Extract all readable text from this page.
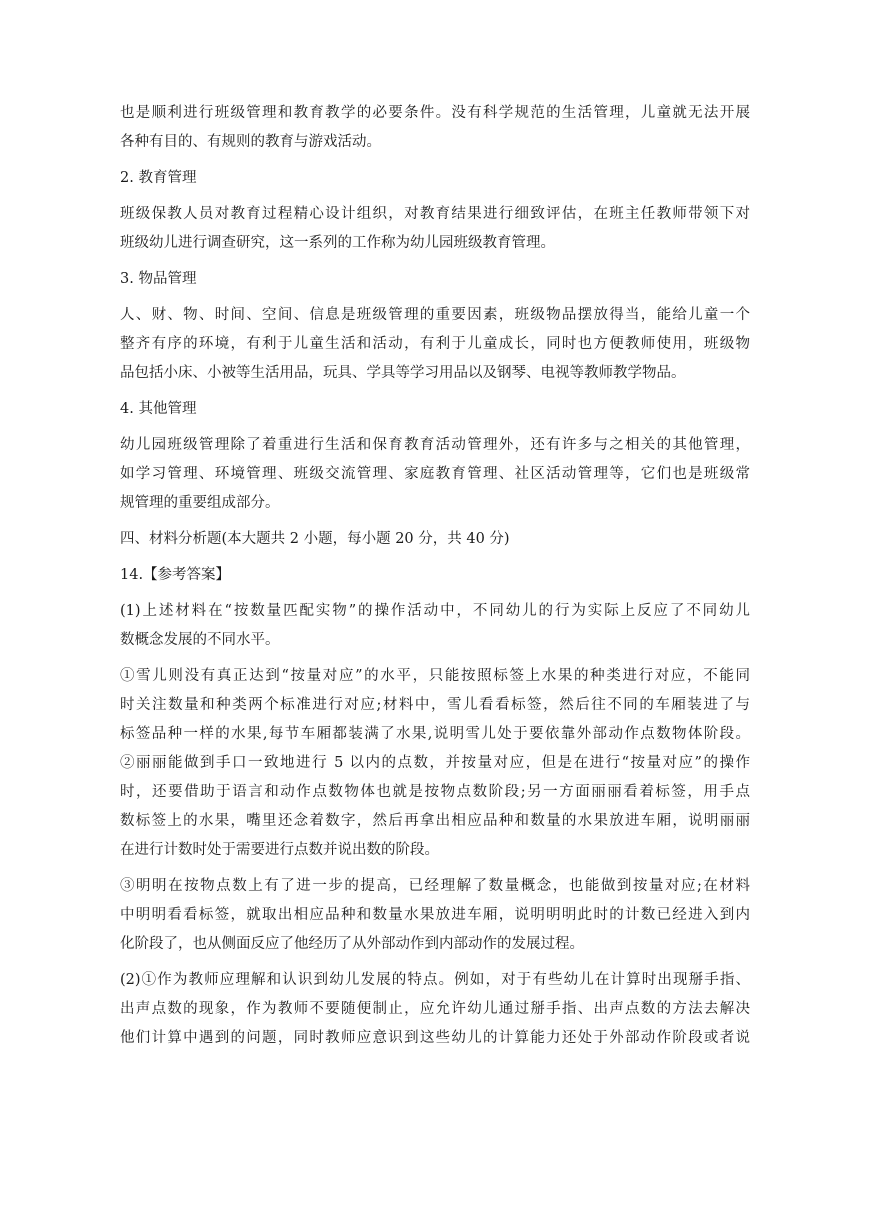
也是顺利进行班级管理和教育教学的必要条件。没有科学规范的生活管理，儿童就无法开展

各种有目的、有规则的教育与游戏活动。

2. 教育管理

班级保教人员对教育过程精心设计组织，对教育结果进行细致评估，在班主任教师带领下对

班级幼儿进行调查研究，这一系列的工作称为幼儿园班级教育管理。

3. 物品管理

人、财、物、时间、空间、信息是班级管理的重要因素，班级物品摆放得当，能给儿童一个

整齐有序的环境，有利于儿童生活和活动，有利于儿童成长，同时也方便教师使用，班级物

品包括小床、小被等生活用品，玩具、学具等学习用品以及钢琴、电视等教师教学物品。

4. 其他管理

幼儿园班级管理除了着重进行生活和保育教育活动管理外，还有许多与之相关的其他管理，

如学习管理、环境管理、班级交流管理、家庭教育管理、社区活动管理等，它们也是班级常

规管理的重要组成部分。

四、材料分析题(本大题共 2 小题，每小题 20 分，共 40 分)

14.【参考答案】

(1)上述材料在“按数量匹配实物”的操作活动中，不同幼儿的行为实际上反应了不同幼儿

数概念发展的不同水平。

①雪儿则没有真正达到“按量对应”的水平，只能按照标签上水果的种类进行对应，不能同

时关注数量和种类两个标准进行对应;材料中，雪儿看看标签，然后往不同的车厢装进了与

标签品种一样的水果,每节车厢都装满了水果,说明雪儿处于要依靠外部动作点数物体阶段。

②丽丽能做到手口一致地进行 5 以内的点数，并按量对应，但是在进行“按量对应”的操作

时，还要借助于语言和动作点数物体也就是按物点数阶段;另一方面丽丽看着标签，用手点

数标签上的水果，嘴里还念着数字，然后再拿出相应品种和数量的水果放进车厢，说明丽丽

在进行计数时处于需要进行点数并说出数的阶段。

③明明在按物点数上有了进一步的提高，已经理解了数量概念，也能做到按量对应;在材料

中明明看看标签，就取出相应品种和数量水果放进车厢，说明明明此时的计数已经进入到内

化阶段了，也从侧面反应了他经历了从外部动作到内部动作的发展过程。

(2)①作为教师应理解和认识到幼儿发展的特点。例如，对于有些幼儿在计算时出现掰手指、

出声点数的现象，作为教师不要随便制止，应允许幼儿通过掰手指、出声点数的方法去解决

他们计算中遇到的问题，同时教师应意识到这些幼儿的计算能力还处于外部动作阶段或者说
